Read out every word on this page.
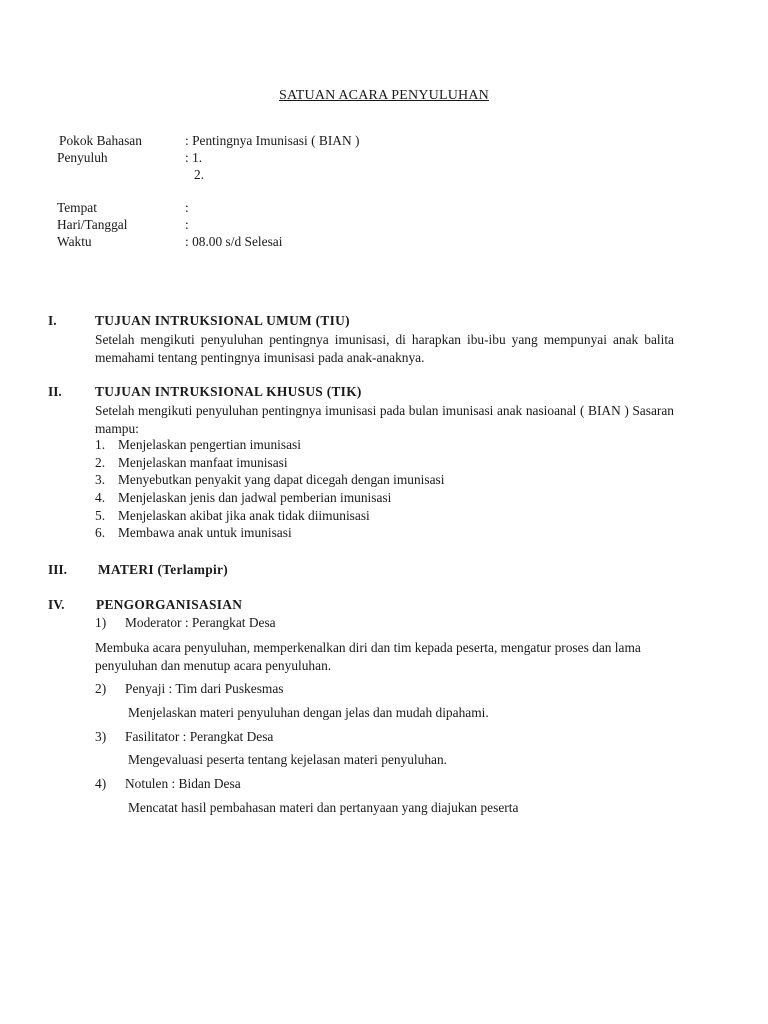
SATUAN ACARA PENYULUHAN
Pokok Bahasan	: Pentingnya Imunisasi ( BIAN )
Penyuluh	: 1.
2.
Tempat	:
Hari/Tanggal	:
Waktu	: 08.00 s/d Selesai
I.	TUJUAN INTRUKSIONAL UMUM (TIU)
Setelah mengikuti penyuluhan pentingnya imunisasi, di harapkan ibu-ibu yang mempunyai anak balita memahami tentang pentingnya imunisasi pada anak-anaknya.
II. TUJUAN INTRUKSIONAL KHUSUS (TIK)
Setelah mengikuti penyuluhan pentingnya imunisasi pada bulan imunisasi anak nasioanal ( BIAN ) Sasaran mampu:
1. Menjelaskan pengertian imunisasi
2. Menjelaskan manfaat imunisasi
3. Menyebutkan penyakit yang dapat dicegah dengan imunisasi
4. Menjelaskan jenis dan jadwal pemberian imunisasi
5. Menjelaskan akibat jika anak tidak diimunisasi
6. Membawa anak untuk imunisasi
III. MATERI (Terlampir)
IV. PENGORGANISASIAN
1) Moderator : Perangkat Desa
Membuka acara penyuluhan, memperkenalkan diri dan tim kepada peserta, mengatur proses dan lama penyuluhan dan menutup acara penyuluhan.
2) Penyaji : Tim dari Puskesmas
Menjelaskan materi penyuluhan dengan jelas dan mudah dipahami.
3) Fasilitator : Perangkat Desa
Mengevaluasi peserta tentang kejelasan materi penyuluhan.
4) Notulen : Bidan Desa
Mencatat hasil pembahasan materi dan pertanyaan yang diajukan peserta
